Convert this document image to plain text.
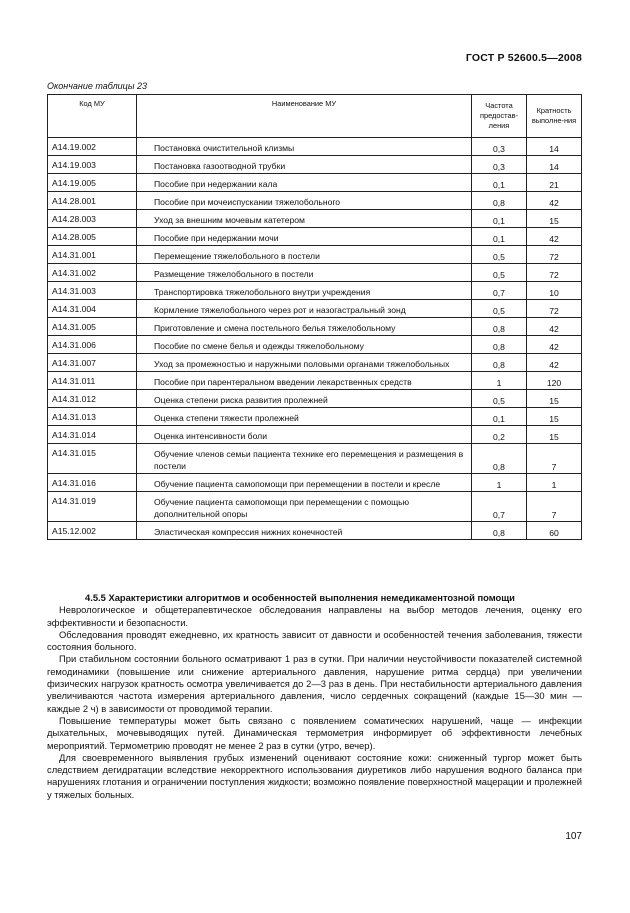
ГОСТ Р 52600.5—2008
Окончание таблицы 23
Код МУ	Наименование МУ	Частота предостав-ления	Кратность выполне-ния
A14.19.002	Постановка очистительной клизмы	0,3	14
A14.19.003	Постановка газоотводной трубки	0,3	14
A14.19.005	Пособие при недержании кала	0,1	21
A14.28.001	Пособие при мочеиспускании тяжелобольного	0,8	42
A14.28.003	Уход за внешним мочевым катетером	0,1	15
A14.28.005	Пособие при недержании мочи	0,1	42
A14.31.001	Перемещение тяжелобольного в постели	0,5	72
A14.31.002	Размещение тяжелобольного в постели	0,5	72
A14.31.003	Транспортировка тяжелобольного внутри учреждения	0,7	10
A14.31.004	Кормление тяжелобольного через рот и назогастральный зонд	0,5	72
A14.31.005	Приготовление и смена постельного белья тяжелобольному	0,8	42
A14.31.006	Пособие по смене белья и одежды тяжелобольному	0,8	42
A14.31.007	Уход за промежностью и наружными половыми органами тяжелобольных	0,8	42
A14.31.011	Пособие при парентеральном введении лекарственных средств	1	120
A14.31.012	Оценка степени риска развития пролежней	0,5	15
A14.31.013	Оценка степени тяжести пролежней	0,1	15
A14.31.014	Оценка интенсивности боли	0,2	15
A14.31.015	Обучение членов семьи пациента технике его перемещения и размещения в постели	0,8	7
A14.31.016	Обучение пациента самопомощи при перемещении в постели и кресле	1	1
A14.31.019	Обучение пациента самопомощи при перемещении с помощью дополнительной опоры	0,7	7
A15.12.002	Эластическая компрессия нижних конечностей	0,8	60

4.5.5 Характеристики алгоритмов и особенностей выполнения немедикаментозной помощи

Неврологическое и общетерапевтическое обследования направлены на выбор методов лечения, оценку его эффективности и безопасности.

Обследования проводят ежедневно, их кратность зависит от давности и особенностей течения заболевания, тяжести состояния больного.

При стабильном состоянии больного осматривают 1 раз в сутки. При наличии неустойчивости показателей системной гемодинамики (повышение или снижение артериального давления, нарушение ритма сердца) при увеличении физических нагрузок кратность осмотра увеличивается до 2—3 раз в день. При нестабильности артериального давления увеличиваются частота измерения артериального давления, число сердечных сокращений (каждые 15—30 мин — каждые 2 ч) в зависимости от проводимой терапии.

Повышение температуры может быть связано с появлением соматических нарушений, чаще — инфекции дыхательных, мочевыводящих путей. Динамическая термометрия информирует об эффективности лечебных мероприятий. Термометрию проводят не менее 2 раз в сутки (утро, вечер).

Для своевременного выявления грубых изменений оценивают состояние кожи: сниженный тургор может быть следствием дегидратации вследствие некорректного использования диуретиков либо нарушения водного баланса при нарушениях глотания и ограничении поступления жидкости; возможно появление поверхностной мацерации и пролежней у тяжелых больных.

107
